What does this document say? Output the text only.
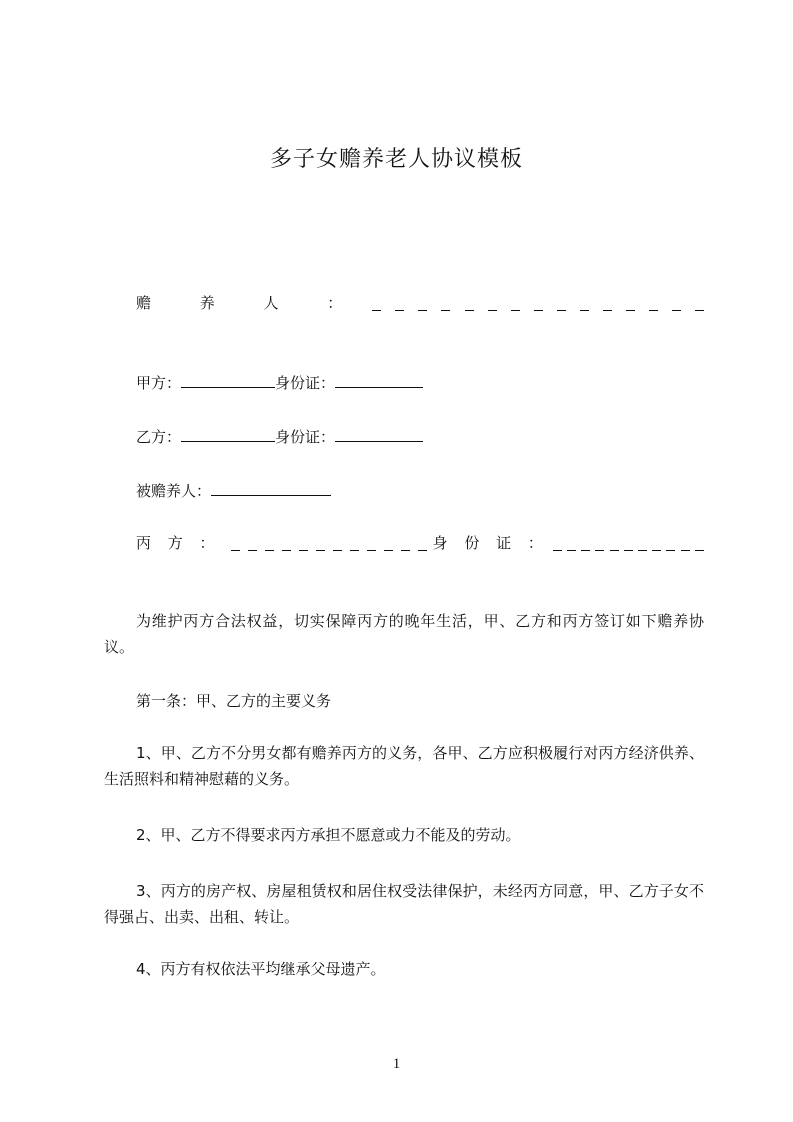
多子女赡养老人协议模板
赡 养 人 ：
甲方：	身份证：
乙方：	身份证：
被赡养人：
丙 方 ：	身 份 证 ：
为维护丙方合法权益，切实保障丙方的晚年生活，甲、乙方和丙方签订如下赡养协议。
第一条：甲、乙方的主要义务
1、甲、乙方不分男女都有赡养丙方的义务，各甲、乙方应积极履行对丙方经济供养、生活照料和精神慰藉的义务。
2、甲、乙方不得要求丙方承担不愿意或力不能及的劳动。
3、丙方的房产权、房屋租赁权和居住权受法律保护，未经丙方同意，甲、乙方子女不得强占、出卖、出租、转让。
4、丙方有权依法平均继承父母遗产。
1
